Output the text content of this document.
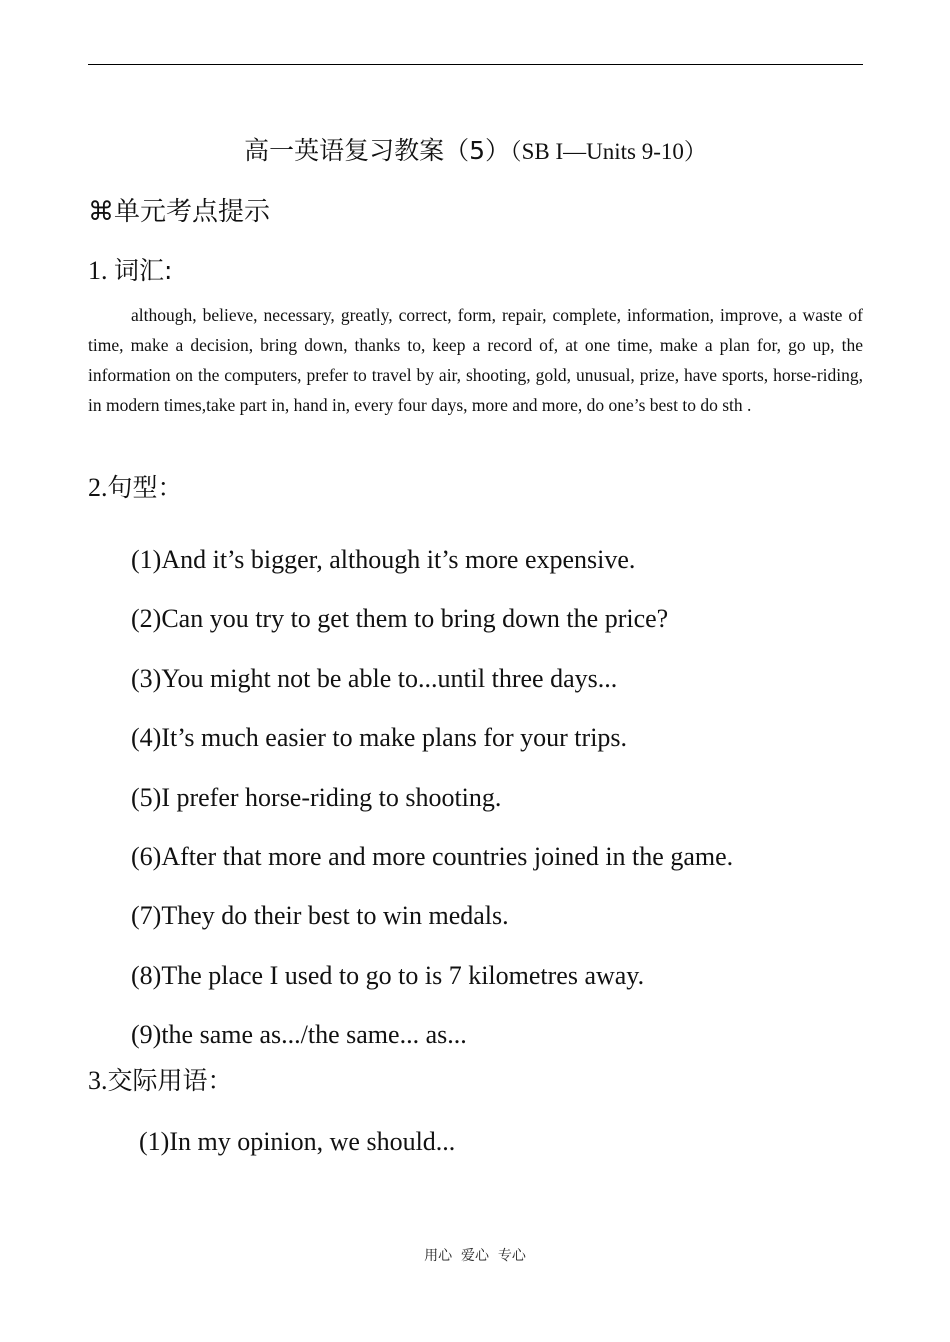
高一英语复习教案（5）（SB I—Units 9-10）
⌘单元考点提示
1. 词汇:

although, believe, necessary, greatly, correct, form, repair, complete, information, improve, a waste of time, make a decision, bring down, thanks to, keep a record of, at one time, make a plan for, go up, the information on the computers, prefer to travel by air, shooting, gold, unusual, prize, have sports, horse-riding, in modern times,take part in, hand in, every four days, more and more, do one’s best to do sth .

2.句型：
(1)And it’s bigger, although it’s more expensive.
(2)Can you try to get them to bring down the price?
(3)You might not be able to...until three days...
(4)It’s much easier to make plans for your trips.
(5)I prefer horse-riding to shooting.
(6)After that more and more countries joined in the game.
(7)They do their best to win medals.
(8)The place I used to go to is 7 kilometres away.
(9)the same as.../the same... as...
3.交际用语：
(1)In my opinion, we should...
用心  爱心  专心
